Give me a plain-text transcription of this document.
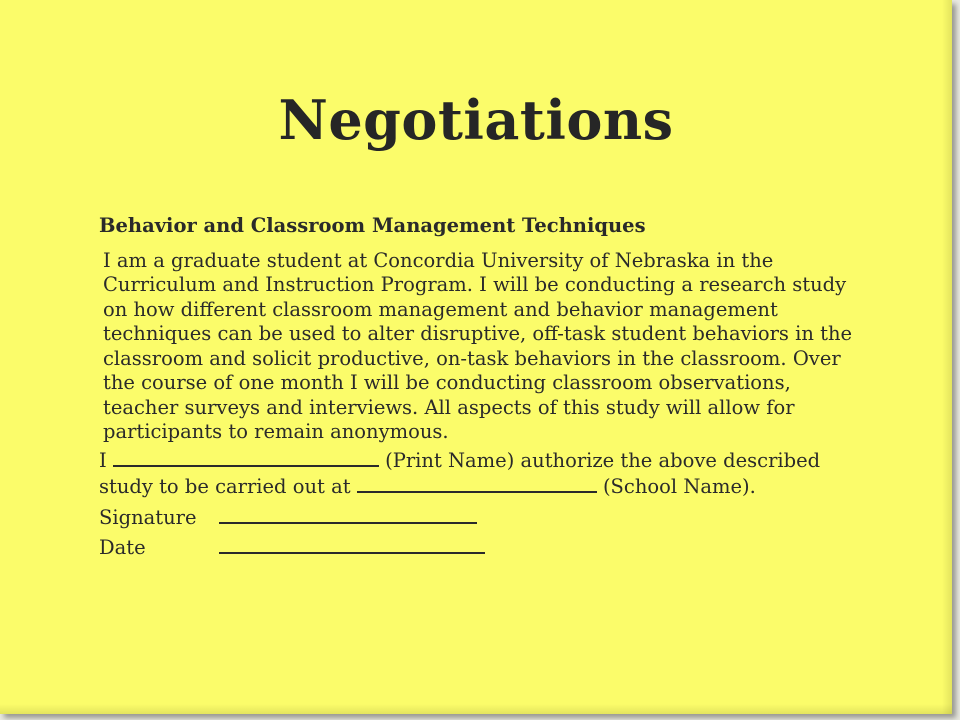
Negotiations

Behavior and Classroom Management Techniques

I am a graduate student at Concordia University of Nebraska in the Curriculum and Instruction Program. I will be conducting a research study on how different classroom management and behavior management techniques can be used to alter disruptive, off-task student behaviors in the classroom and solicit productive, on-task behaviors in the classroom. Over the course of one month I will be conducting classroom observations, teacher surveys and interviews. All aspects of this study will allow for participants to remain anonymous.

I	(Print Name) authorize the above described study to be carried out at	(School Name).

Signature

Date
